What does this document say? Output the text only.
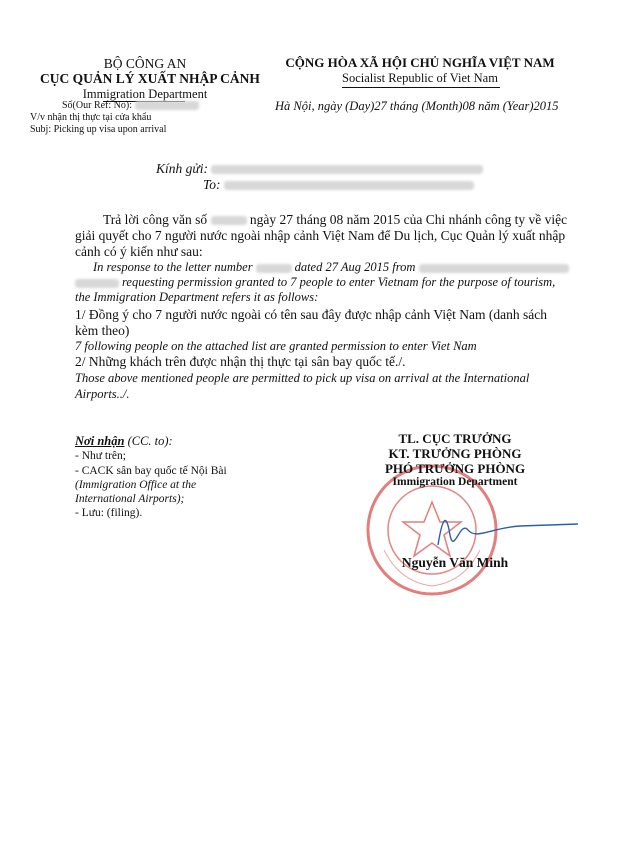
BỘ CÔNG AN
CỤC QUẢN LÝ XUẤT NHẬP CẢNH
Immigration Department
Số(Our Ref: No):
V/v nhận thị thực tại cửa khẩu
Subj: Picking up visa upon arrival
CỘNG HÒA XÃ HỘI CHỦ NGHĨA VIỆT NAM
Socialist Republic of Viet Nam
Hà Nội, ngày (Day)27 tháng (Month)08 năm (Year)2015
Kính gửi:
To:
Trả lời công văn số	ngày 27 tháng 08 năm 2015 của Chi nhánh công ty về việc
giải quyết cho 7 người nước ngoài nhập cảnh Việt Nam để Du lịch, Cục Quản lý xuất nhập
cảnh có ý kiến như sau:
In response to the letter number	dated 27 Aug 2015 from
requesting permission granted to 7 people to enter Vietnam for the purpose of tourism,
the Immigration Department refers it as follows:
1/ Đồng ý cho 7 người nước ngoài có tên sau đây được nhập cảnh Việt Nam (danh sách
kèm theo)
7 following people on the attached list are granted permission to enter Viet Nam
2/ Những khách trên được nhận thị thực tại sân bay quốc tế./.
Those above mentioned people are permitted to pick up visa on arrival at the International
Airports../.
Nơi nhận (CC. to):
- Như trên;
- CACK sân bay quốc tế Nội Bài
(Immigration Office at the
International Airports);
- Lưu: (filing).
TL. CỤC TRƯỞNG
KT. TRƯỞNG PHÒNG
PHÓ TRƯỞNG PHÒNG
Immigration Department
Nguyễn Văn Minh
